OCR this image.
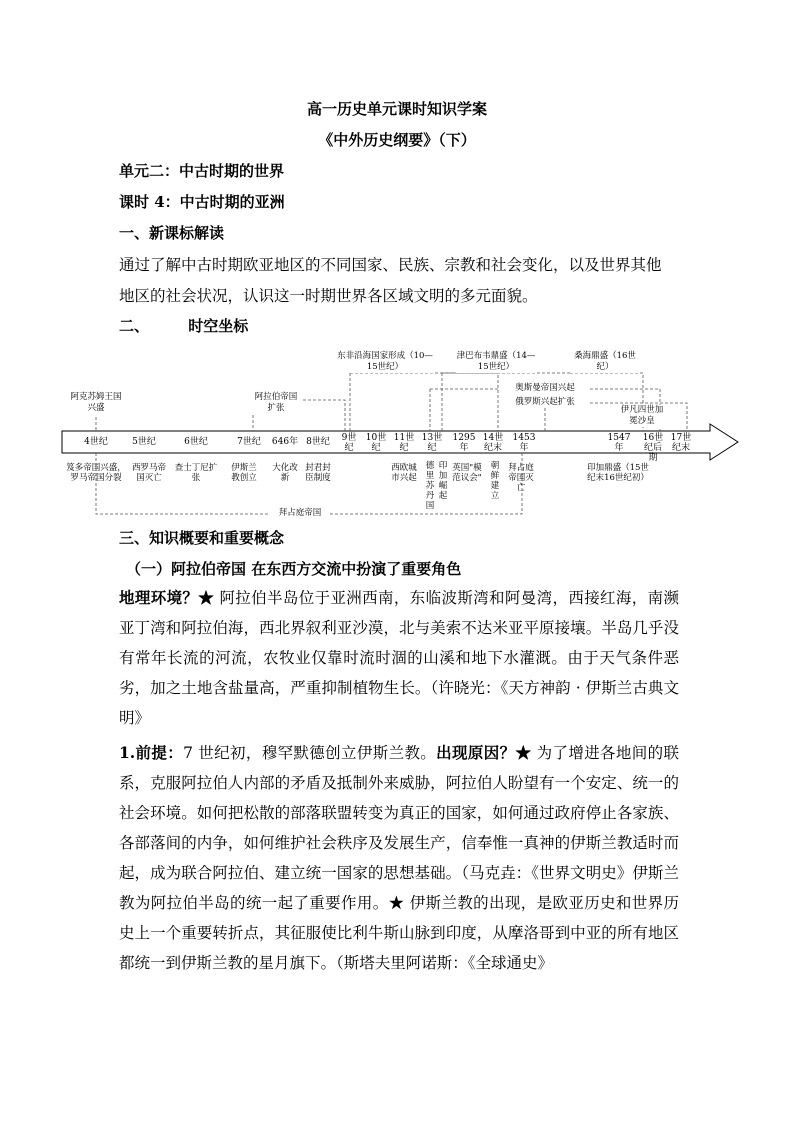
高一历史单元课时知识学案
《中外历史纲要》（下）
单元二：中古时期的世界
课时 4：中古时期的亚洲
一、新课标解读
通过了解中古时期欧亚地区的不同国家、民族、宗教和社会变化，以及世界其他
地区的社会状况，认识这一时期世界各区域文明的多元面貌。
二、	时空坐标
阿克苏姆王国兴盛
阿拉伯帝国扩张
东非沿海国家形成（10—15世纪）
津巴布韦鼎盛（14—15世纪）
桑海鼎盛（16世纪）
奥斯曼帝国兴起
俄罗斯兴起扩张
伊凡四世加冕沙皇
4世纪	5世纪	6世纪	7世纪	646年 8世纪	9世纪
10世纪
11世纪
13世纪
1295年
14世纪末
1453年
1547年
16世纪后期
17世纪末
笈多帝国兴盛，罗马帝国分裂
西罗马帝国灭亡
查士丁尼扩张
伊斯兰教创立
大化改新
封君封臣制度
西欧城市兴起
德里苏丹国
印加崛起
英国"模范议会"
朝鲜建立
拜占庭帝国灭亡
印加鼎盛（15世纪末16世纪初）
拜占庭帝国
三、知识概要和重要概念
（一）阿拉伯帝国 在东西方交流中扮演了重要角色
地理环境？★ 阿拉伯半岛位于亚洲西南，东临波斯湾和阿曼湾，西接红海，南濒亚丁湾和阿拉伯海，西北界叙利亚沙漠，北与美索不达米亚平原接壤。半岛几乎没有常年长流的河流，农牧业仅靠时流时涸的山溪和地下水灌溉。由于天气条件恶劣，加之土地含盐量高，严重抑制植物生长。（许晓光：《天方神韵 · 伊斯兰古典文明》
1.前提：7 世纪初，穆罕默德创立伊斯兰教。出现原因？★ 为了增进各地间的联系，克服阿拉伯人内部的矛盾及抵制外来威胁，阿拉伯人盼望有一个安定、统一的社会环境。如何把松散的部落联盟转变为真正的国家，如何通过政府停止各家族、各部落间的内争，如何维护社会秩序及发展生产，信奉惟一真神的伊斯兰教适时而起，成为联合阿拉伯、建立统一国家的思想基础。（马克垚：《世界文明史》伊斯兰教为阿拉伯半岛的统一起了重要作用。★ 伊斯兰教的出现，是欧亚历史和世界历史上一个重要转折点，其征服使比利牛斯山脉到印度，从摩洛哥到中亚的所有地区都统一到伊斯兰教的星月旗下。（斯塔夫里阿诺斯：《全球通史》
